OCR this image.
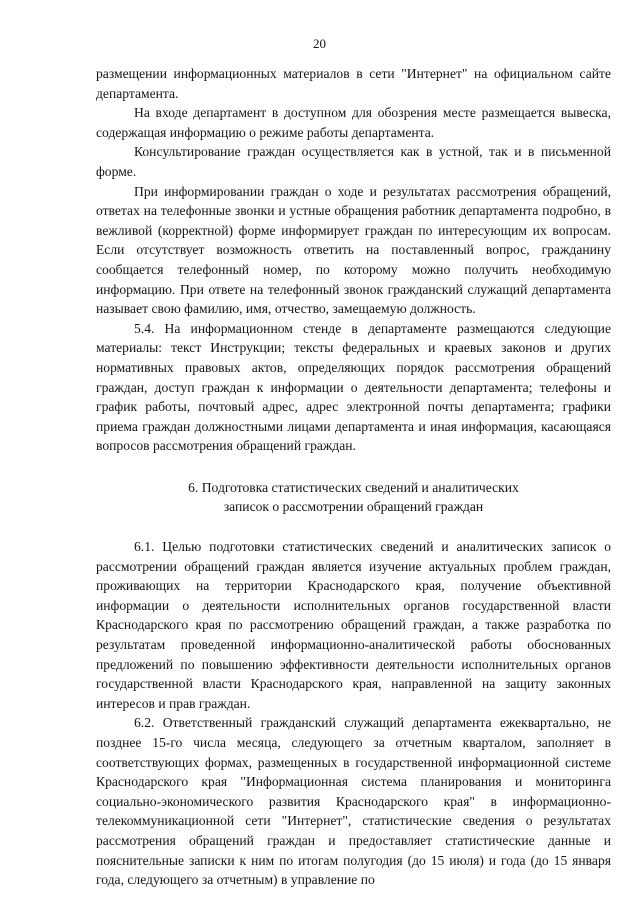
20

размещении информационных материалов в сети "Интернет" на официальном сайте департамента.

На входе департамент в доступном для обозрения месте размещается вывеска, содержащая информацию о режиме работы департамента.

Консультирование граждан осуществляется как в устной, так и в письменной форме.

При информировании граждан о ходе и результатах рассмотрения обращений, ответах на телефонные звонки и устные обращения работник департамента подробно, в вежливой (корректной) форме информирует граждан по интересующим их вопросам. Если отсутствует возможность ответить на поставленный вопрос, гражданину сообщается телефонный номер, по которому можно получить необходимую информацию. При ответе на телефонный звонок гражданский служащий департамента называет свою фамилию, имя, отчество, замещаемую должность.

5.4. На информационном стенде в департаменте размещаются следующие материалы: текст Инструкции; тексты федеральных и краевых законов и других нормативных правовых актов, определяющих порядок рассмотрения обращений граждан, доступ граждан к информации о деятельности департамента; телефоны и график работы, почтовый адрес, адрес электронной почты департамента; графики приема граждан должностными лицами департамента и иная информация, касающаяся вопросов рассмотрения обращений граждан.

6. Подготовка статистических сведений и аналитических
записок о рассмотрении обращений граждан

6.1. Целью подготовки статистических сведений и аналитических записок о рассмотрении обращений граждан является изучение актуальных проблем граждан, проживающих на территории Краснодарского края, получение объективной информации о деятельности исполнительных органов государственной власти Краснодарского края по рассмотрению обращений граждан, а также разработка по результатам проведенной информационно-аналитической работы обоснованных предложений по повышению эффективности деятельности исполнительных органов государственной власти Краснодарского края, направленной на защиту законных интересов и прав граждан.

6.2. Ответственный гражданский служащий департамента ежеквартально, не позднее 15-го числа месяца, следующего за отчетным кварталом, заполняет в соответствующих формах, размещенных в государственной информационной системе Краснодарского края "Информационная система планирования и мониторинга социально-экономического развития Краснодарского края" в информационно-телекоммуникационной сети "Интернет", статистические сведения о результатах рассмотрения обращений граждан и предоставляет статистические данные и пояснительные записки к ним по итогам полугодия (до 15 июля) и года (до 15 января года, следующего за отчетным) в управление по
